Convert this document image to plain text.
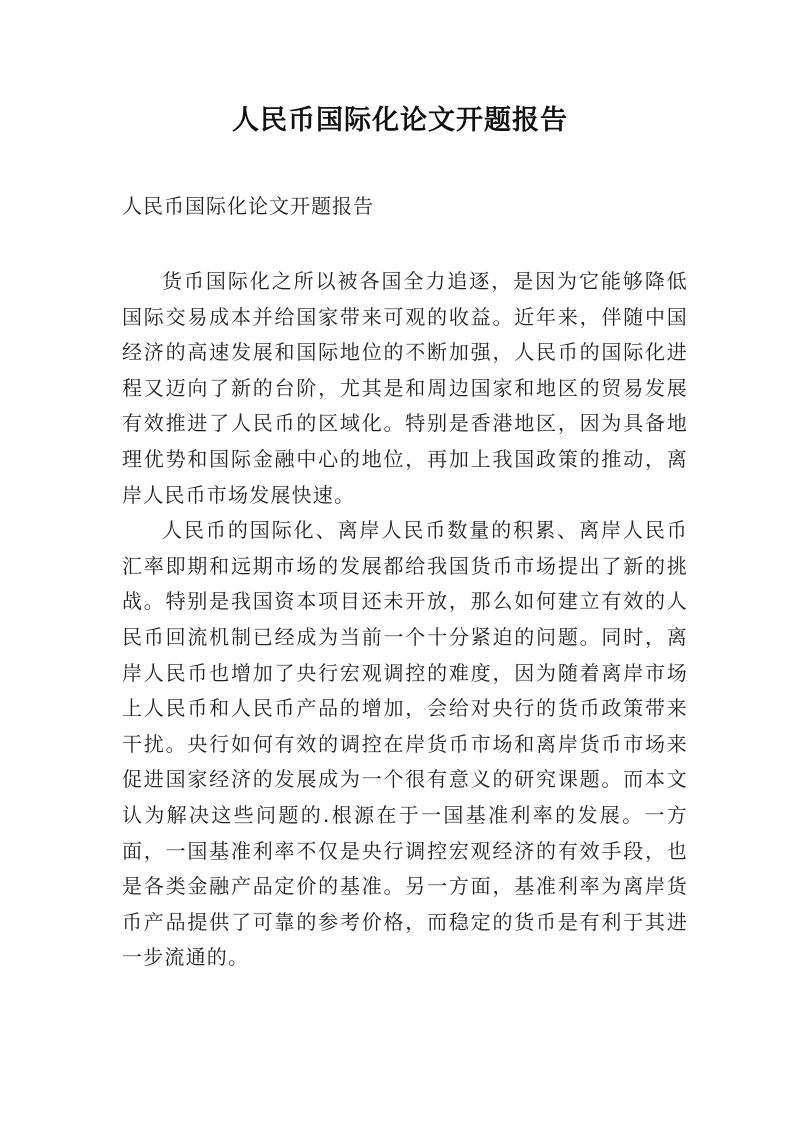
人民币国际化论文开题报告
人民币国际化论文开题报告

货币国际化之所以被各国全力追逐，是因为它能够降低国际交易成本并给国家带来可观的收益。近年来，伴随中国经济的高速发展和国际地位的不断加强，人民币的国际化进程又迈向了新的台阶，尤其是和周边国家和地区的贸易发展有效推进了人民币的区域化。特别是香港地区，因为具备地理优势和国际金融中心的地位，再加上我国政策的推动，离岸人民币市场发展快速。

人民币的国际化、离岸人民币数量的积累、离岸人民币汇率即期和远期市场的发展都给我国货币市场提出了新的挑战。特别是我国资本项目还未开放，那么如何建立有效的人民币回流机制已经成为当前一个十分紧迫的问题。同时，离岸人民币也增加了央行宏观调控的难度，因为随着离岸市场上人民币和人民币产品的增加，会给对央行的货币政策带来干扰。央行如何有效的调控在岸货币市场和离岸货币市场来促进国家经济的发展成为一个很有意义的研究课题。而本文认为解决这些问题的.根源在于一国基准利率的发展。一方面，一国基准利率不仅是央行调控宏观经济的有效手段，也是各类金融产品定价的基准。另一方面，基准利率为离岸货币产品提供了可靠的参考价格，而稳定的货币是有利于其进一步流通的。
